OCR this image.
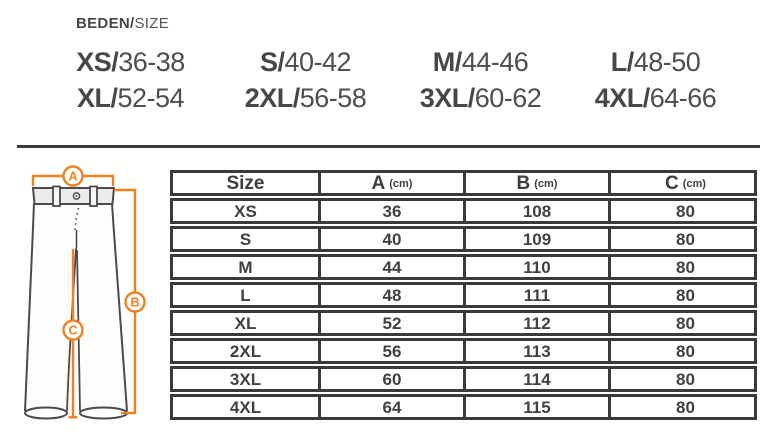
BEDEN/SIZE
XS/36-38	S/40-42	M/44-46	L/48-50
XL/52-54 2XL/56-58 3XL/60-62 4XL/64-66
A
B
C
Size	A (cm)	B (cm)	C (cm)
XS	36	108	80
S	40	109	80
M	44	110	80
L	48	111	80
XL	52	112	80
2XL	56	113	80
3XL	60	114	80
4XL	64	115	80
